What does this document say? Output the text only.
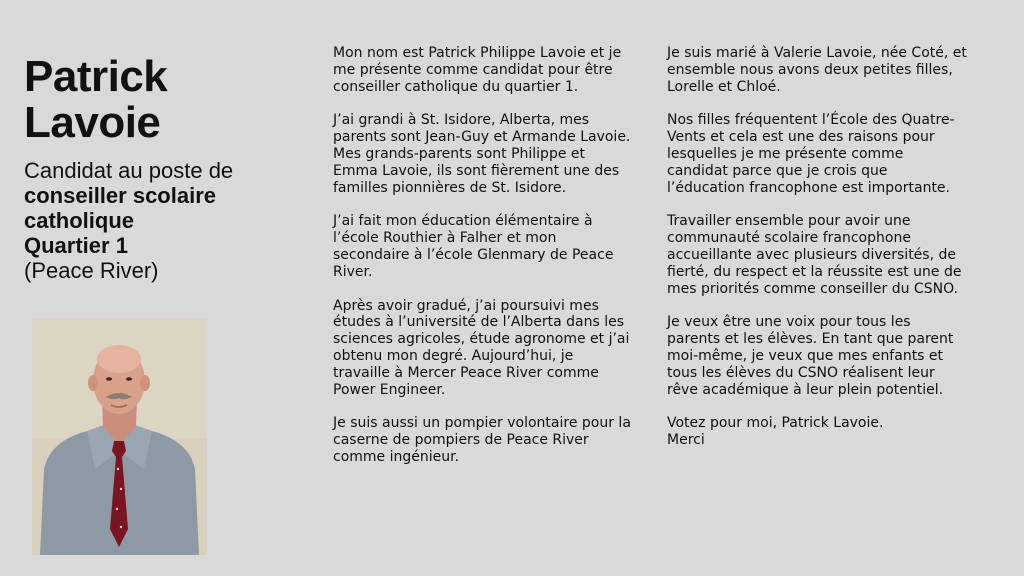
Patrick
Lavoie
Candidat au poste de
conseiller scolaire
catholique
Quartier 1
(Peace River)

Mon nom est Patrick Philippe Lavoie et je me présente comme candidat pour être conseiller catholique du quartier 1.

J’ai grandi à St. Isidore, Alberta, mes parents sont Jean-Guy et Armande Lavoie. Mes grands-parents sont Philippe et Emma Lavoie, ils sont fièrement une des familles pionnières de St. Isidore.

J’ai fait mon éducation élémentaire à l’école Routhier à Falher et mon secondaire à l’école Glenmary de Peace River.

Après avoir gradué, j’ai poursuivi mes études à l’université de l’Alberta dans les sciences agricoles, étude agronome et j’ai obtenu mon degré. Aujourd’hui, je travaille à Mercer Peace River comme Power Engineer.

Je suis aussi un pompier volontaire pour la caserne de pompiers de Peace River comme ingénieur.

Je suis marié à Valerie Lavoie, née Coté, et ensemble nous avons deux petites filles, Lorelle et Chloé.

Nos filles fréquentent l’École des Quatre-Vents et cela est une des raisons pour lesquelles je me présente comme candidat parce que je crois que l’éducation francophone est importante.

Travailler ensemble pour avoir une communauté scolaire francophone accueillante avec plusieurs diversités, de fierté, du respect et la réussite est une de mes priorités comme conseiller du CSNO.

Je veux être une voix pour tous les parents et les élèves. En tant que parent moi-même, je veux que mes enfants et tous les élèves du CSNO réalisent leur rêve académique à leur plein potentiel.

Votez pour moi, Patrick Lavoie.
Merci
